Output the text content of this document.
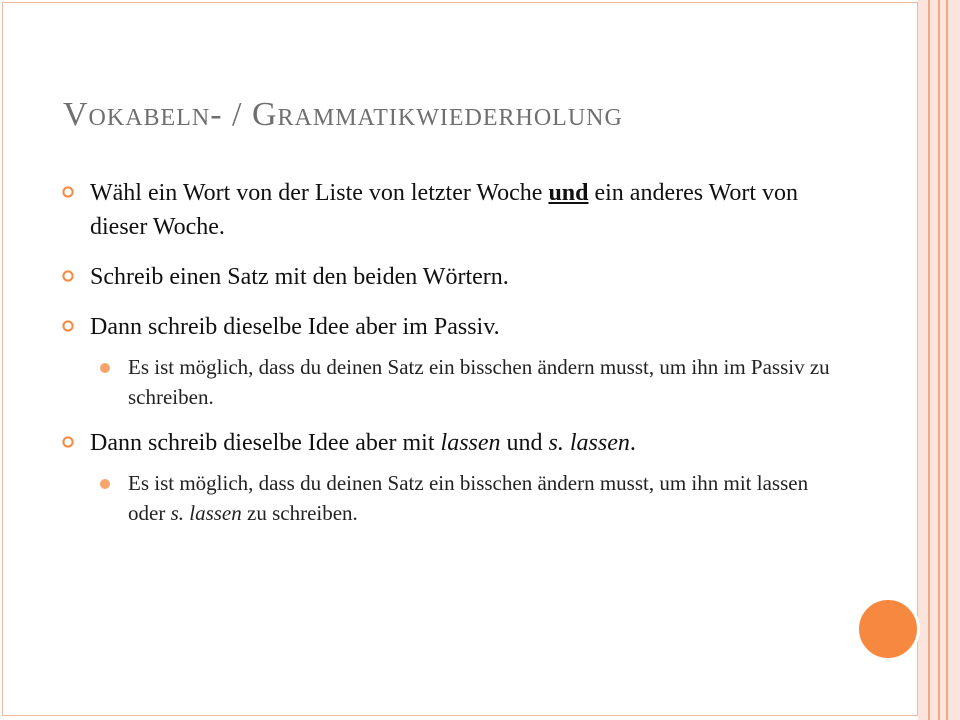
Vokabeln- / Grammatikwiederholung
Wähl ein Wort von der Liste von letzter Woche und ein anderes Wort von dieser Woche.
Schreib einen Satz mit den beiden Wörtern.
Dann schreib dieselbe Idee aber im Passiv.
Es ist möglich, dass du deinen Satz ein bisschen ändern musst, um ihn im Passiv zu schreiben.
Dann schreib dieselbe Idee aber mit lassen und s. lassen.
Es ist möglich, dass du deinen Satz ein bisschen ändern musst, um ihn mit lassen oder s. lassen zu schreiben.
